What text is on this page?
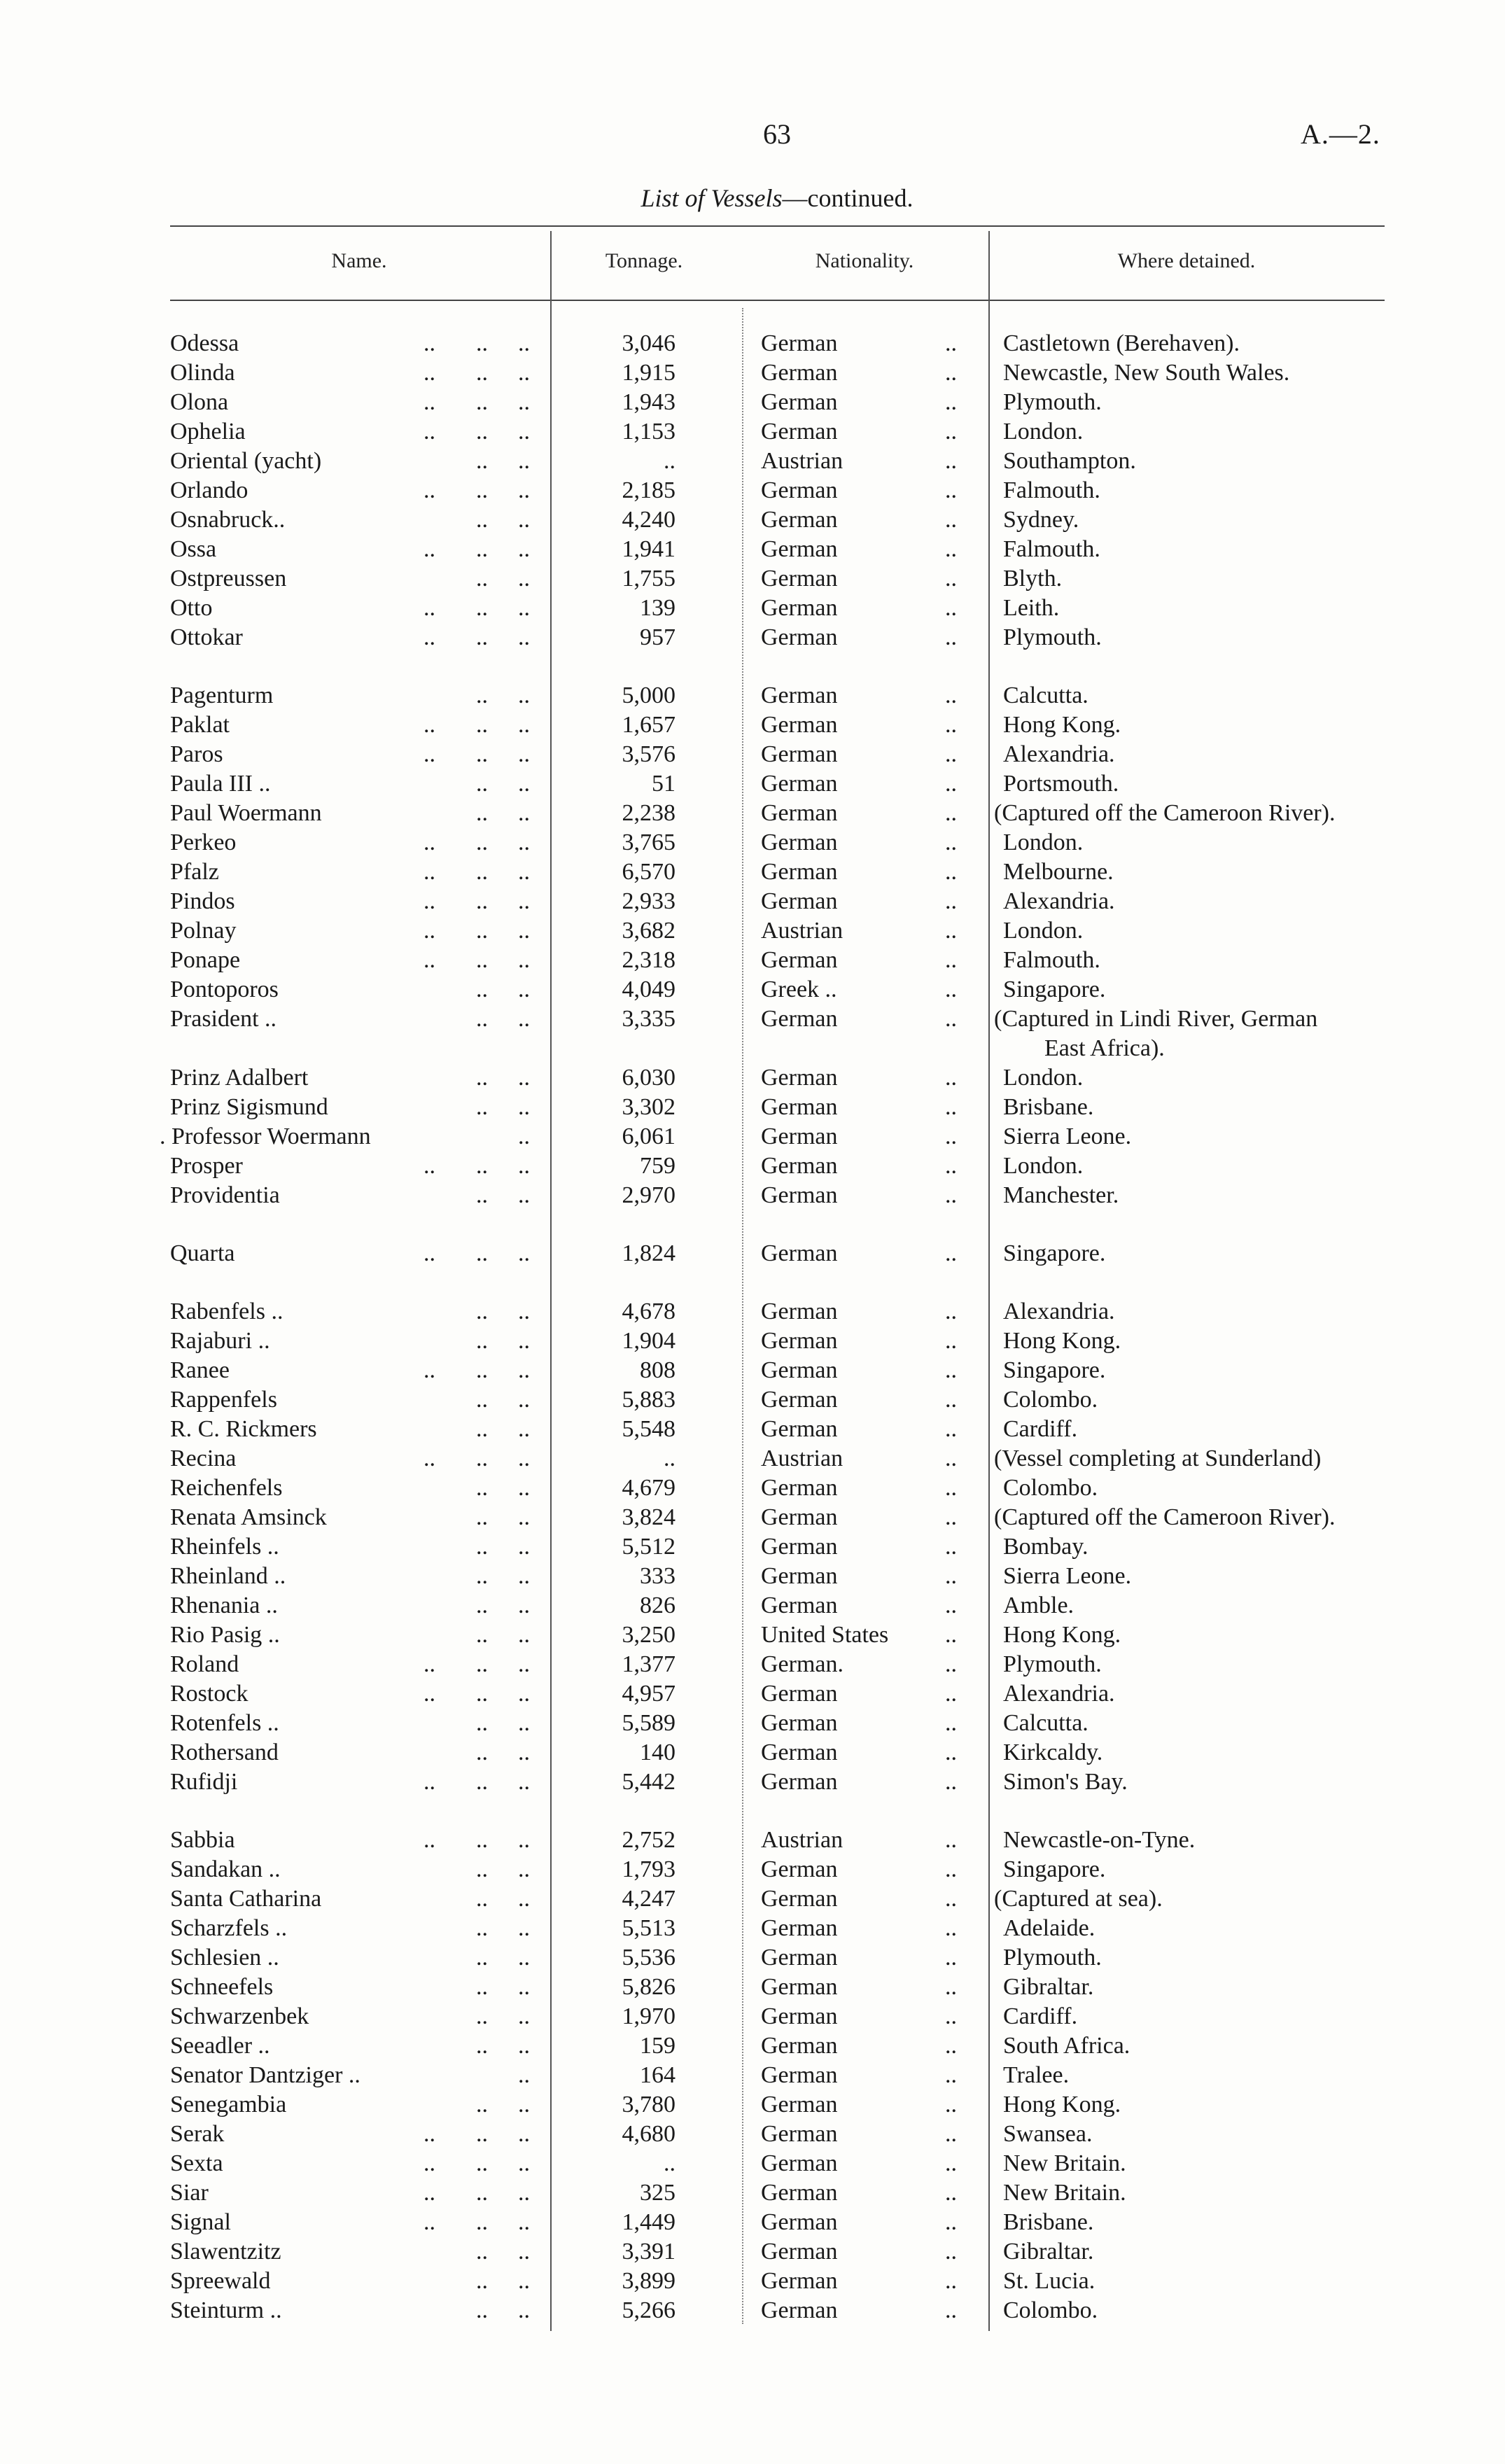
63	A.—2.
List of Vessels—continued.
Name.	Tonnage.	Nationality.	Where detained.
Odessa	.. .. ..	3,046	German	.. Castletown (Berehaven).
Olinda	.. .. ..	1,915	German	.. Newcastle, New South Wales.
Olona	.. .. ..	1,943	German	.. Plymouth.
Ophelia	.. .. ..	1,153	German	.. London.
Oriental (yacht)	.. ..	..	Austrian	.. Southampton.
Orlando	.. .. ..	2,185	German	.. Falmouth.
Osnabruck..	.. ..	4,240	German	.. Sydney.
Ossa	.. .. ..	1,941	German	.. Falmouth.
Ostpreussen	.. ..	1,755	German	.. Blyth.
Otto	.. .. ..	139	German	.. Leith.
Ottokar	.. .. ..	957	German	.. Plymouth.
Pagenturm	.. ..	5,000	German	.. Calcutta.
Paklat	.. .. ..	1,657	German	.. Hong Kong.
Paros	.. .. ..	3,576	German	.. Alexandria.
Paula III ..	.. ..	51	German	.. Portsmouth.
Paul Woermann	.. ..	2,238	German	.. (Captured off the Cameroon River).
Perkeo	.. .. ..	3,765	German	.. London.
Pfalz	.. .. ..	6,570	German	.. Melbourne.
Pindos	.. .. ..	2,933	German	.. Alexandria.
Polnay	.. .. ..	3,682	Austrian	.. London.
Ponape	.. .. ..	2,318	German	.. Falmouth.
Pontoporos	.. ..	4,049	Greek ..	.. Singapore.
Prasident ..	.. ..	3,335	German	.. (Captured in Lindi River, German
East Africa).
Prinz Adalbert	.. ..	6,030	German	.. London.
Prinz Sigismund	.. ..	3,302	German	.. Brisbane.
. Professor Woermann	..	6,061	German	.. Sierra Leone.
Prosper	.. .. ..	759	German	.. London.
Providentia	.. ..	2,970	German	.. Manchester.
Quarta	.. .. ..	1,824	German	.. Singapore.
Rabenfels ..	.. ..	4,678	German	.. Alexandria.
Rajaburi ..	.. ..	1,904	German	.. Hong Kong.
Ranee	.. .. ..	808	German	.. Singapore.
Rappenfels	.. ..	5,883	German	.. Colombo.
R. C. Rickmers	.. ..	5,548	German	.. Cardiff.
Recina	.. .. ..	..	Austrian	.. (Vessel completing at Sunderland)
Reichenfels	.. ..	4,679	German	.. Colombo.
Renata Amsinck	.. ..	3,824	German	.. (Captured off the Cameroon River).
Rheinfels ..	.. ..	5,512	German	.. Bombay.
Rheinland ..	.. ..	333	German	.. Sierra Leone.
Rhenania ..	.. ..	826	German	.. Amble.
Rio Pasig ..	.. ..	3,250	United States .. Hong Kong.
Roland	.. .. ..	1,377	German.	.. Plymouth.
Rostock	.. .. ..	4,957	German	.. Alexandria.
Rotenfels ..	.. ..	5,589	German	.. Calcutta.
Rothersand	.. ..	140	German	.. Kirkcaldy.
Rufidji	.. .. ..	5,442	German	.. Simon's Bay.
Sabbia	.. .. ..	2,752	Austrian	.. Newcastle-on-Tyne.
Sandakan ..	.. ..	1,793	German	.. Singapore.
Santa Catharina	.. ..	4,247	German	.. (Captured at sea).
Scharzfels ..	.. ..	5,513	German	.. Adelaide.
Schlesien ..	.. ..	5,536	German	.. Plymouth.
Schneefels	.. ..	5,826	German	.. Gibraltar.
Schwarzenbek	.. ..	1,970	German	.. Cardiff.
Seeadler ..	.. ..	159	German	.. South Africa.
Senator Dantziger ..	..	164	German	.. Tralee.
Senegambia	.. ..	3,780	German	.. Hong Kong.
Serak	.. .. ..	4,680	German	.. Swansea.
Sexta	.. .. ..	..	German	.. New Britain.
Siar	.. .. ..	325	German	.. New Britain.
Signal	.. .. ..	1,449	German	.. Brisbane.
Slawentzitz	.. ..	3,391	German	.. Gibraltar.
Spreewald	.. ..	3,899	German	.. St. Lucia.
Steinturm ..	.. ..	5,266	German	.. Colombo.
